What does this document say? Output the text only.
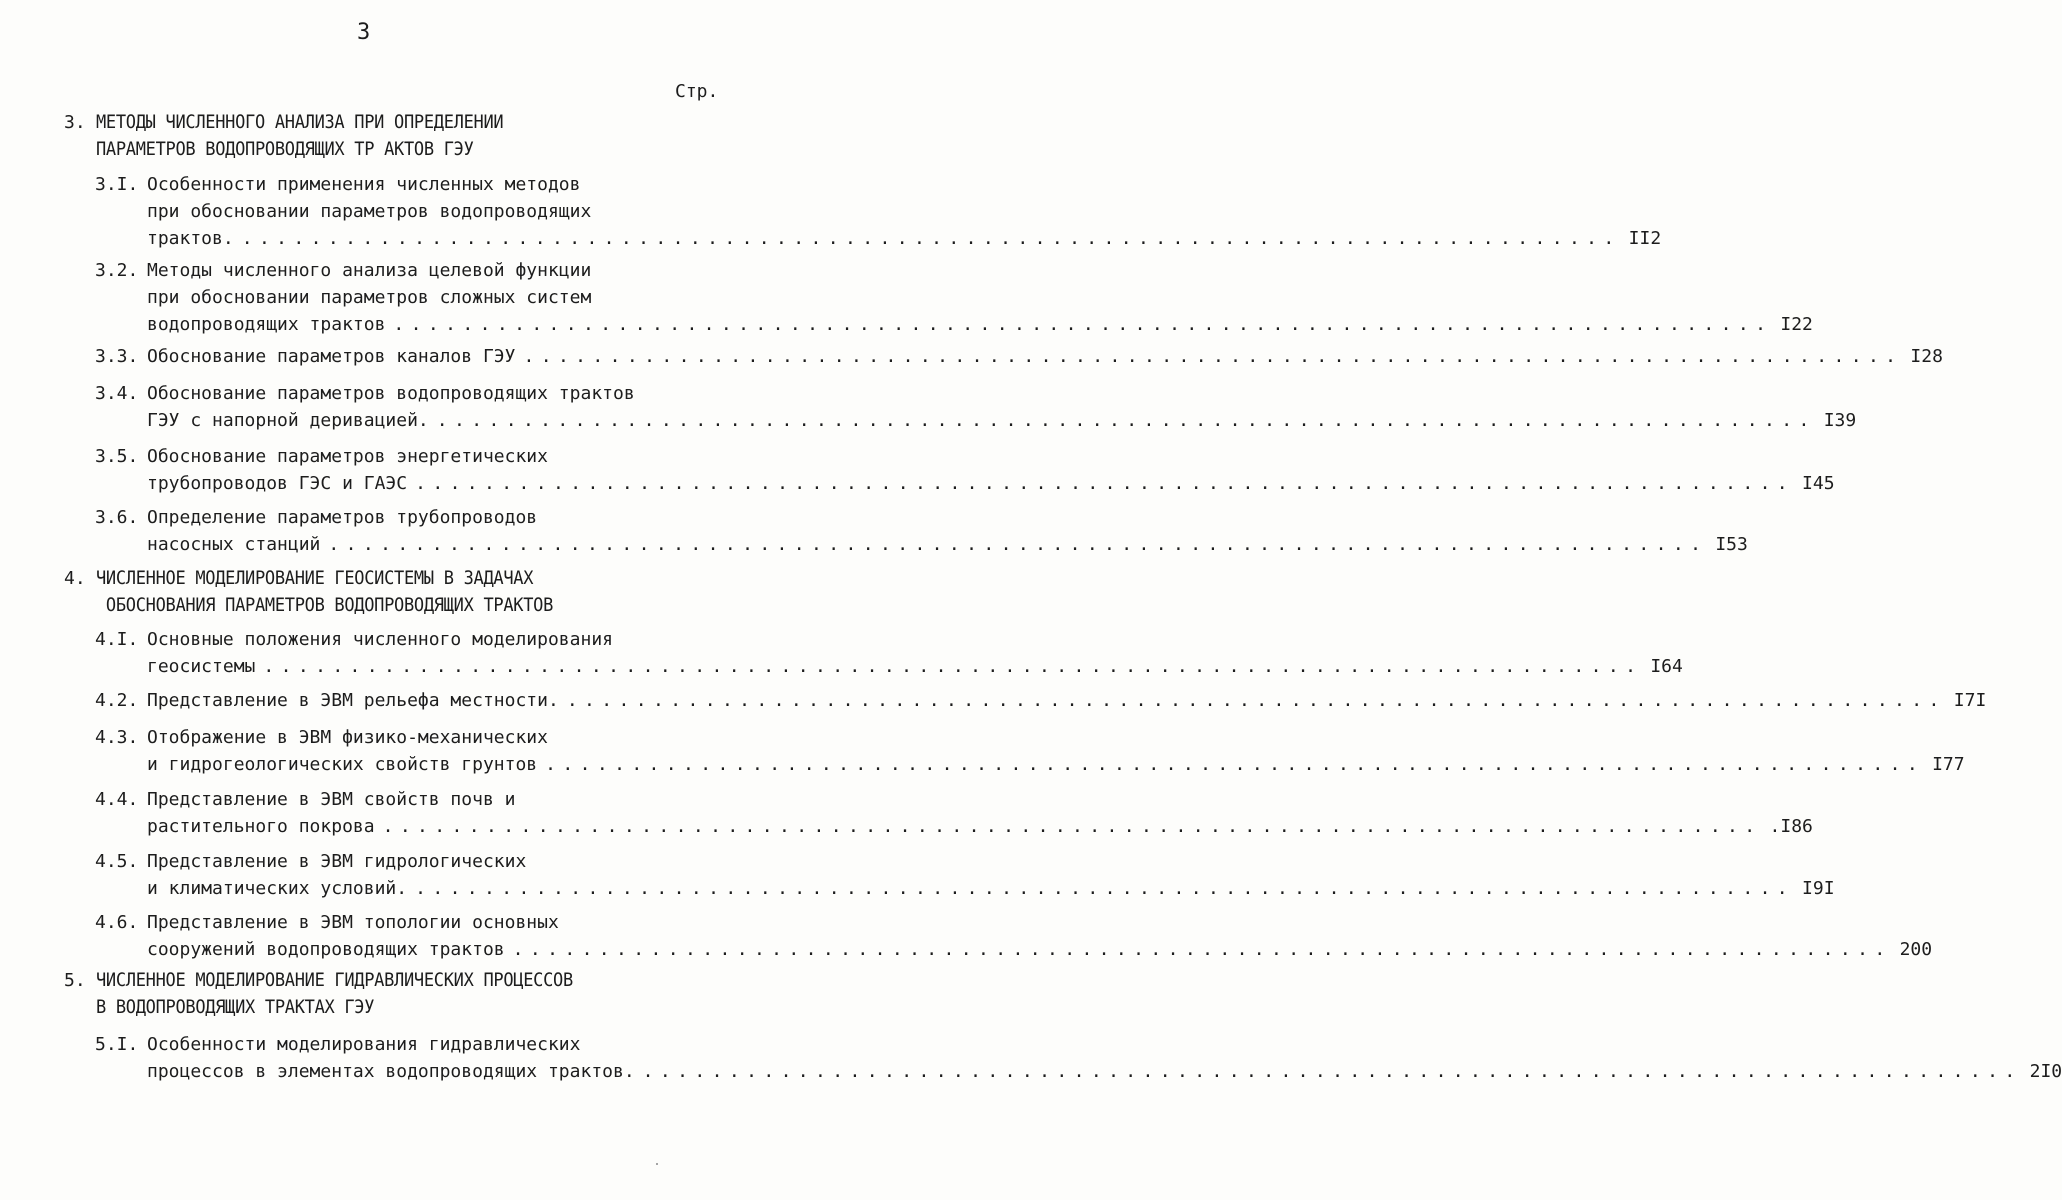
3
Стр.
3. МЕТОДЫ ЧИСЛЕННОГО АНАЛИЗА ПРИ ОПРЕДЕЛЕНИИ
ПАРАМЕТРОВ ВОДОПРОВОДЯЩИХ ТР АКТОВ ГЭУ
3.I. Особенности применения численных методов
при обосновании параметров водопроводящих
трактов. ................................................................................ II2
3.2. Методы численного анализа целевой функции
при обосновании параметров сложных систем
водопроводящих трактов ................................................................................ I22
3.3. Обоснование параметров каналов ГЭУ ................................................................................ I28
3.4. Обоснование параметров водопроводящих трактов
ГЭУ с напорной деривацией. ................................................................................ I39
3.5. Обоснование параметров энергетических
трубопроводов ГЭС и ГАЭС ................................................................................ I45
3.6. Определение параметров трубопроводов
насосных станций ................................................................................ I53
4. ЧИСЛЕННОЕ МОДЕЛИРОВАНИЕ ГЕОСИСТЕМЫ В ЗАДАЧАХ
ОБОСНОВАНИЯ ПАРАМЕТРОВ ВОДОПРОВОДЯЩИХ ТРАКТОВ
4.I. Основные положения численного моделирования
геосистемы ................................................................................ I64
4.2. Представление в ЭВМ рельефа местности. ................................................................................ I7I
4.3. Отображение в ЭВМ физико-механических
и гидрогеологических свойств грунтов ................................................................................ I77
4.4. Представление в ЭВМ свойств почв и
растительного покрова ................................................................................ .I86
4.5. Представление в ЭВМ гидрологических
и климатических условий. ................................................................................ I9I
4.6. Представление в ЭВМ топологии основных
сооружений водопроводящих трактов ................................................................................ 200
5. ЧИСЛЕННОЕ МОДЕЛИРОВАНИЕ ГИДРАВЛИЧЕСКИХ ПРОЦЕССОВ
В ВОДОПРОВОДЯЩИХ ТРАКТАХ ГЭУ
5.I. Особенности моделирования гидравлических
процессов в элементах водопроводящих трактов. ................................................................................ 2I0
